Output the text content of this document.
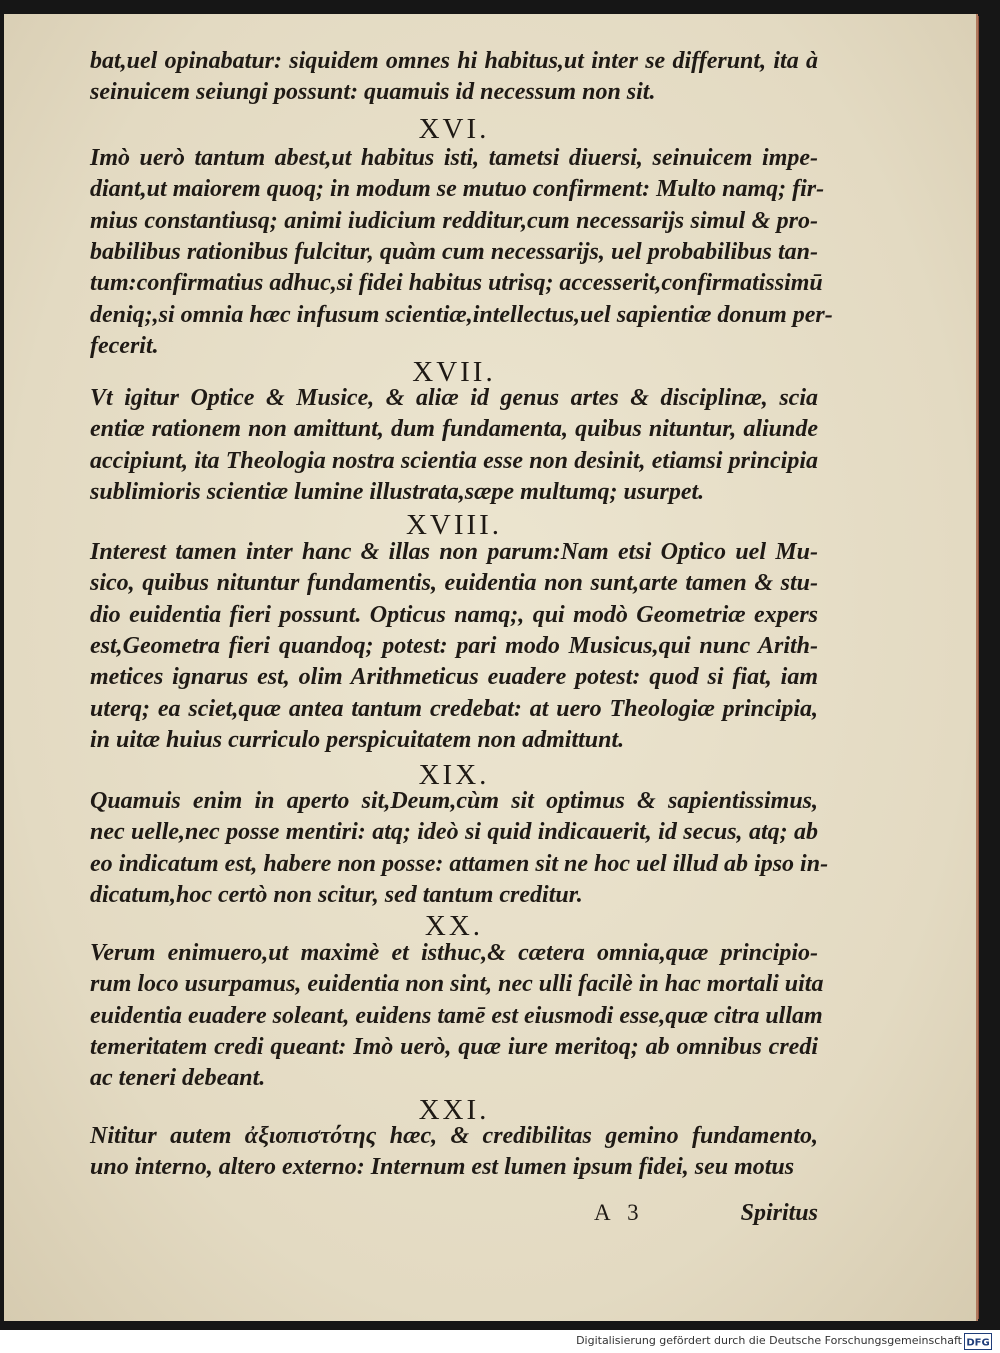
bat,uel opinabatur: siquidem omnes hi habitus,ut inter se differunt, ita à
seinuicem seiungi possunt: quamuis id necessum non sit.
XVI.
Imò uerò tantum abest,ut habitus isti, tametsi diuersi, seinuicem impe-
diant,ut maiorem quoq; in modum se mutuo confirment: Multo namq; fir-
mius constantiusq; animi iudicium redditur,cum necessarijs simul & pro-
babilibus rationibus fulcitur, quàm cum necessarijs, uel probabilibus tan-
tum:confirmatius adhuc,si fidei habitus utrisq; accesserit,confirmatissimū
deniq;,si omnia hæc infusum scientiæ,intellectus,uel sapientiæ donum per-
fecerit.
XVII.
Vt igitur Optice & Musice, & aliæ id genus artes & disciplinæ, scia
entiæ rationem non amittunt, dum fundamenta, quibus nituntur, aliunde
accipiunt, ita Theologia nostra scientia esse non desinit, etiamsi principia
sublimioris scientiæ lumine illustrata,sæpe multumq; usurpet.
XVIII.
Interest tamen inter hanc & illas non parum:Nam etsi Optico uel Mu-
sico, quibus nituntur fundamentis, euidentia non sunt,arte tamen & stu-
dio euidentia fieri possunt. Opticus namq;, qui modò Geometriæ expers
est,Geometra fieri quandoq; potest: pari modo Musicus,qui nunc Arith-
metices ignarus est, olim Arithmeticus euadere potest: quod si fiat, iam
uterq; ea sciet,quæ antea tantum credebat: at uero Theologiæ principia,
in uitæ huius curriculo perspicuitatem non admittunt.
XIX.
Quamuis enim in aperto sit,Deum,cùm sit optimus & sapientissimus,
nec uelle,nec posse mentiri: atq; ideò si quid indicauerit, id secus, atq; ab
eo indicatum est, habere non posse: attamen sit ne hoc uel illud ab ipso in-
dicatum,hoc certò non scitur, sed tantum creditur.
XX.
Verum enimuero,ut maximè et isthuc,& cætera omnia,quæ principio-
rum loco usurpamus, euidentia non sint, nec ulli facilè in hac mortali uita
euidentia euadere soleant, euidens tamē est eiusmodi esse,quæ citra ullam
temeritatem credi queant: Imò uerò, quæ iure meritoq; ab omnibus credi
ac teneri debeant.
XXI.
Nititur autem ἀξιοπιστότης hæc, & credibilitas gemino fundamento,
uno interno, altero externo: Internum est lumen ipsum fidei, seu motus
A 3	Spiritus
Digitalisierung gefördert durch die Deutsche Forschungsgemeinschaft DFG
